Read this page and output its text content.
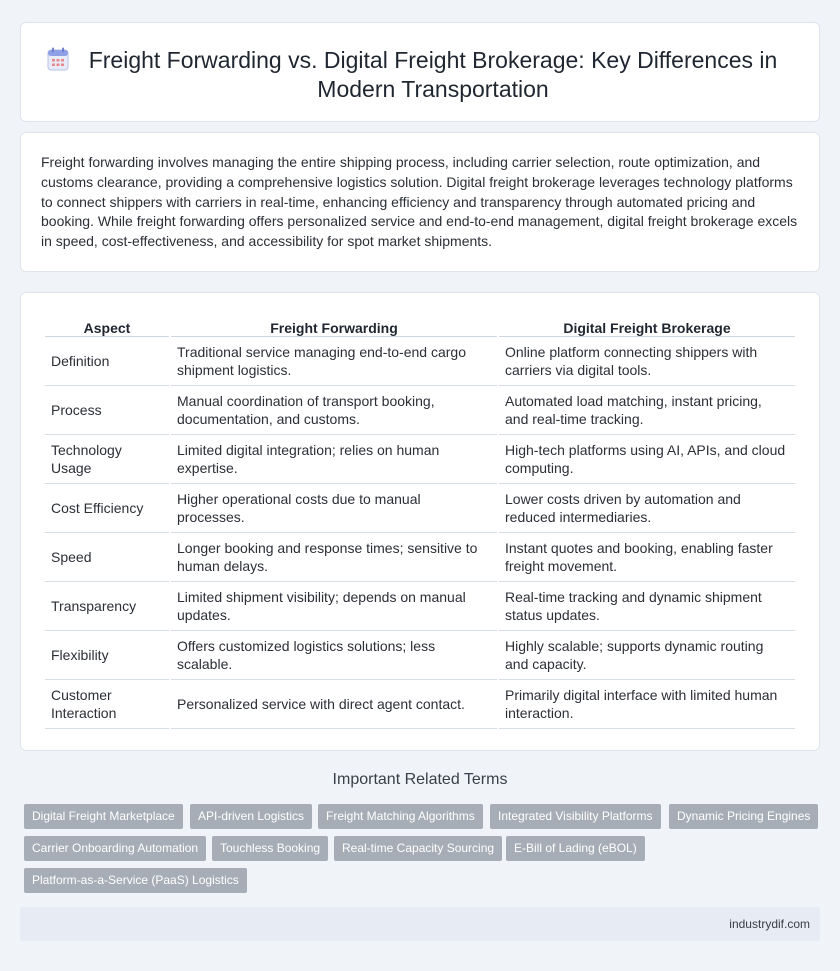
Freight Forwarding vs. Digital Freight Brokerage: Key Differences in Modern Transportation

Freight forwarding involves managing the entire shipping process, including carrier selection, route optimization, and customs clearance, providing a comprehensive logistics solution. Digital freight brokerage leverages technology platforms to connect shippers with carriers in real-time, enhancing efficiency and transparency through automated pricing and booking. While freight forwarding offers personalized service and end-to-end management, digital freight brokerage excels in speed, cost-effectiveness, and accessibility for spot market shipments.

Aspect	Freight Forwarding	Digital Freight Brokerage
Definition	Traditional service managing end-to-end cargo shipment logistics.	Online platform connecting shippers with carriers via digital tools.
Process	Manual coordination of transport booking, documentation, and customs.	Automated load matching, instant pricing, and real-time tracking.
Technology Usage	Limited digital integration; relies on human expertise.	High-tech platforms using AI, APIs, and cloud computing.
Cost Efficiency	Higher operational costs due to manual processes.	Lower costs driven by automation and reduced intermediaries.
Speed	Longer booking and response times; sensitive to human delays.	Instant quotes and booking, enabling faster freight movement.
Transparency	Limited shipment visibility; depends on manual updates.	Real-time tracking and dynamic shipment status updates.
Flexibility	Offers customized logistics solutions; less scalable.	Highly scalable; supports dynamic routing and capacity.
Customer Interaction	Personalized service with direct agent contact.	Primarily digital interface with limited human interaction.
Important Related Terms
Digital Freight Marketplace	API-driven Logistics	Freight Matching Algorithms	Integrated Visibility Platforms	Dynamic Pricing Engines
Carrier Onboarding Automation	Touchless Booking	Real-time Capacity Sourcing	E-Bill of Lading (eBOL)
Platform-as-a-Service (PaaS) Logistics
industrydif.com
